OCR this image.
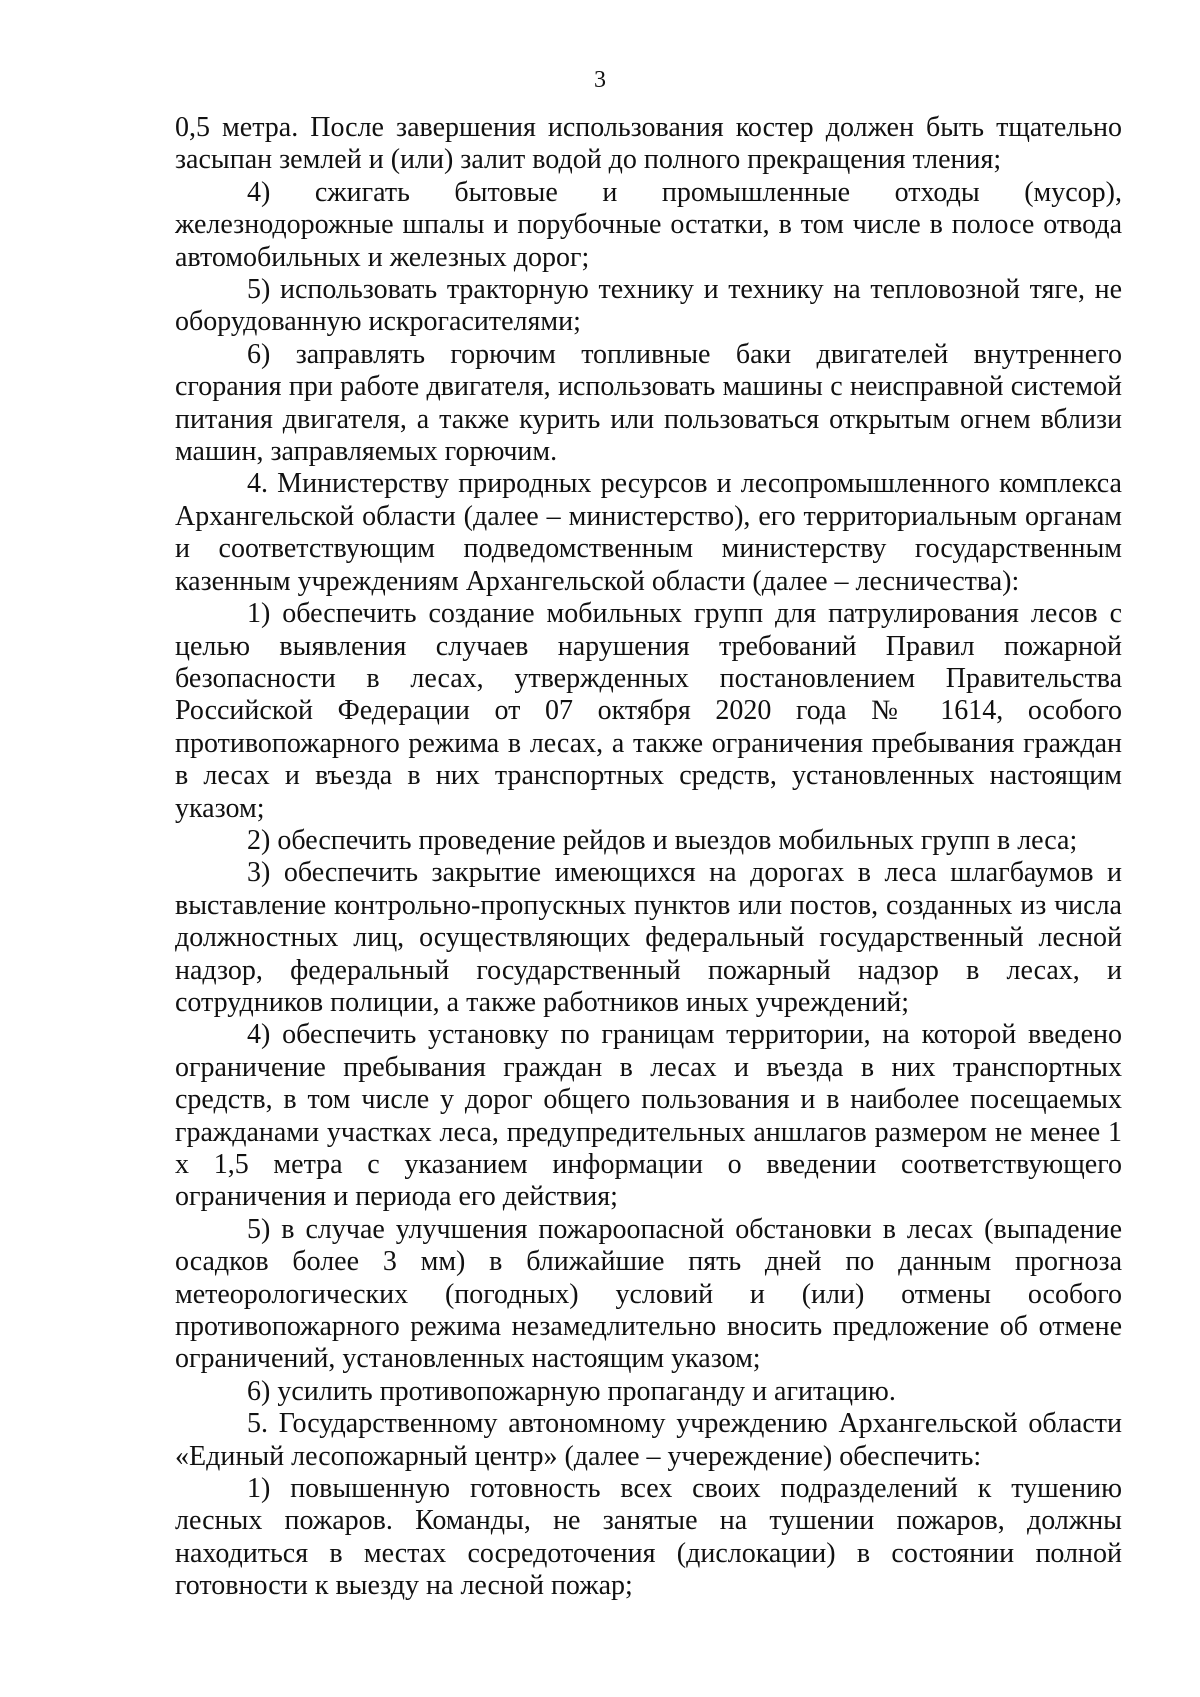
3

0,5 метра. После завершения использования костер должен быть тщательно засыпан землей и (или) залит водой до полного прекращения тления;

4) сжигать бытовые и промышленные отходы (мусор), железнодорожные шпалы и порубочные остатки, в том числе в полосе отвода автомобильных и железных дорог;

5) использовать тракторную технику и технику на тепловозной тяге, не оборудованную искрогасителями;

6) заправлять горючим топливные баки двигателей внутреннего сгорания при работе двигателя, использовать машины с неисправной системой питания двигателя, а также курить или пользоваться открытым огнем вблизи машин, заправляемых горючим.

4. Министерству природных ресурсов и лесопромышленного комплекса Архангельской области (далее – министерство), его территориальным органам и соответствующим подведомственным министерству государственным казенным учреждениям Архангельской области (далее – лесничества):

1) обеспечить создание мобильных групп для патрулирования лесов с целью выявления случаев нарушения требований Правил пожарной безопасности в лесах, утвержденных постановлением Правительства Российской Федерации от 07 октября 2020 года № 1614, особого противопожарного режима в лесах, а также ограничения пребывания граждан в лесах и въезда в них транспортных средств, установленных настоящим указом;

2) обеспечить проведение рейдов и выездов мобильных групп в леса;

3) обеспечить закрытие имеющихся на дорогах в леса шлагбаумов и выставление контрольно-пропускных пунктов или постов, созданных из числа должностных лиц, осуществляющих федеральный государственный лесной надзор, федеральный государственный пожарный надзор в лесах, и сотрудников полиции, а также работников иных учреждений;

4) обеспечить установку по границам территории, на которой введено ограничение пребывания граждан в лесах и въезда в них транспортных средств, в том числе у дорог общего пользования и в наиболее посещаемых гражданами участках леса, предупредительных аншлагов размером не менее 1 х 1,5 метра с указанием информации о введении соответствующего ограничения и периода его действия;

5) в случае улучшения пожароопасной обстановки в лесах (выпадение осадков более 3 мм) в ближайшие пять дней по данным прогноза метеорологических (погодных) условий и (или) отмены особого противопожарного режима незамедлительно вносить предложение об отмене ограничений, установленных настоящим указом;

6) усилить противопожарную пропаганду и агитацию.

5. Государственному автономному учреждению Архангельской области «Единый лесопожарный центр» (далее – учереждение) обеспечить:

1) повышенную готовность всех своих подразделений к тушению лесных пожаров. Команды, не занятые на тушении пожаров, должны находиться в местах сосредоточения (дислокации) в состоянии полной готовности к выезду на лесной пожар;
